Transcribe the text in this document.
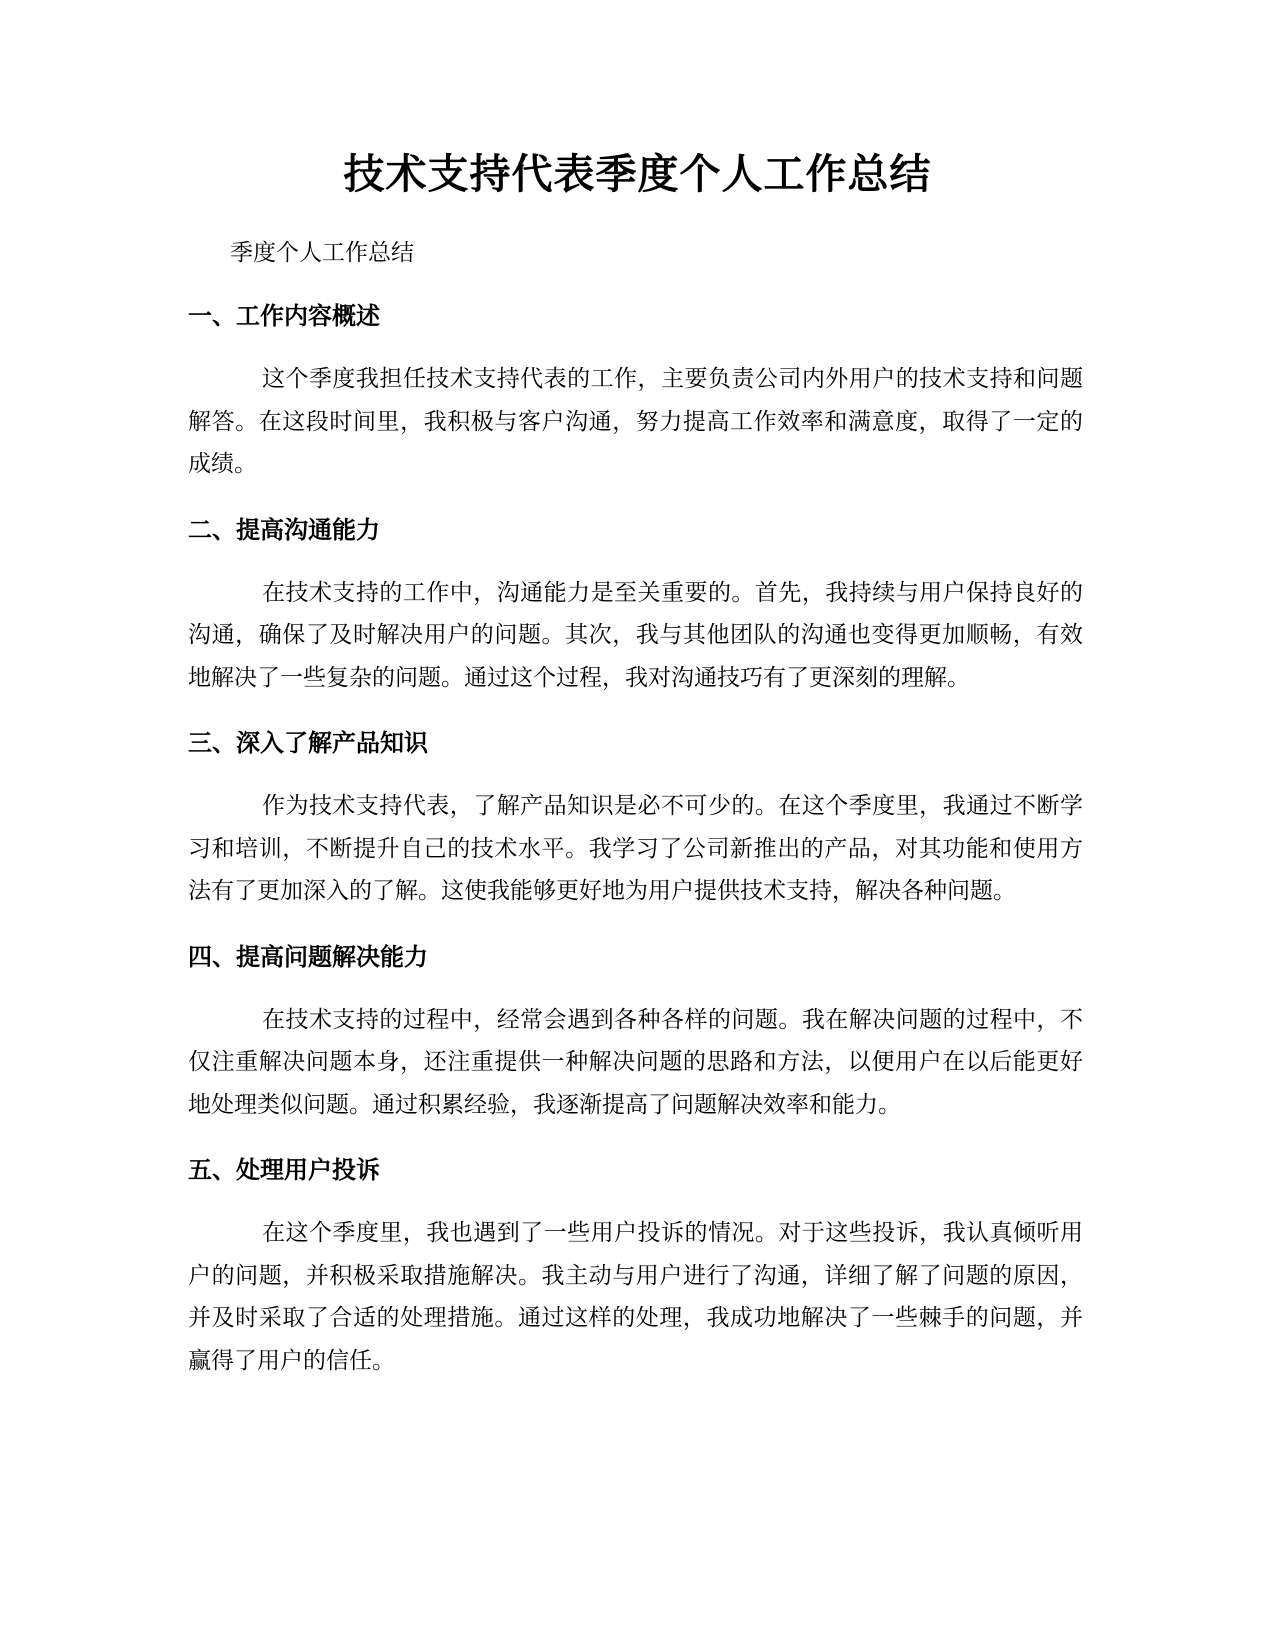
技术支持代表季度个人工作总结
季度个人工作总结
一、工作内容概述

这个季度我担任技术支持代表的工作，主要负责公司内外用户的技术支持和问题解答。在这段时间里，我积极与客户沟通，努力提高工作效率和满意度，取得了一定的成绩。

二、提高沟通能力

在技术支持的工作中，沟通能力是至关重要的。首先，我持续与用户保持良好的沟通，确保了及时解决用户的问题。其次，我与其他团队的沟通也变得更加顺畅，有效地解决了一些复杂的问题。通过这个过程，我对沟通技巧有了更深刻的理解。

三、深入了解产品知识

作为技术支持代表，了解产品知识是必不可少的。在这个季度里，我通过不断学习和培训，不断提升自己的技术水平。我学习了公司新推出的产品，对其功能和使用方法有了更加深入的了解。这使我能够更好地为用户提供技术支持，解决各种问题。

四、提高问题解决能力

在技术支持的过程中，经常会遇到各种各样的问题。我在解决问题的过程中，不仅注重解决问题本身，还注重提供一种解决问题的思路和方法，以便用户在以后能更好地处理类似问题。通过积累经验，我逐渐提高了问题解决效率和能力。

五、处理用户投诉

在这个季度里，我也遇到了一些用户投诉的情况。对于这些投诉，我认真倾听用户的问题，并积极采取措施解决。我主动与用户进行了沟通，详细了解了问题的原因，并及时采取了合适的处理措施。通过这样的处理，我成功地解决了一些棘手的问题，并赢得了用户的信任。
